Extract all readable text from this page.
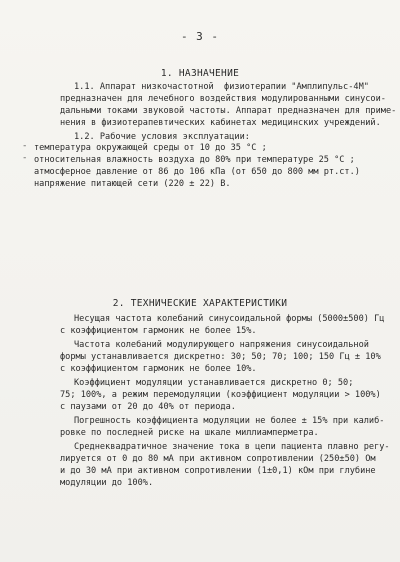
- 3 -
1. НАЗНАЧЕНИЕ
1.1. Аппарат низкочастотной  физиотерапии "Амплипульс-4М"
предназначен для лечебного воздействия модулированными синусои-
дальными токами звуковой частоты. Аппарат предназначен для приме-
нения в физиотерапевтических кабинетах медицинских учреждений.
1.2. Рабочие условия эксплуатации:
- температура окружающей среды от 10 до 35 °С ;
- относительная влажность воздуха до 80% при температуре 25 °С ;
атмосферное давление от 86 до 106 кПа (от 650 до 800 мм рт.ст.)
напряжение питающей сети (220 ± 22) В.
2. ТЕХНИЧЕСКИЕ ХАРАКТЕРИСТИКИ
Несущая частота колебаний синусоидальной формы (5000±500) Гц
с коэффициентом гармоник не более 15%.
Частота колебаний модулирующего напряжения синусоидальной
формы устанавливается дискретно: 30; 50; 70; 100; 150 Гц ± 10%
с коэффициентом гармоник не более 10%.
Коэффициент модуляции устанавливается дискретно 0; 50;
75; 100%, а режим перемодуляции (коэффициент модуляции > 100%)
с паузами от 20 до 40% от периода.
Погрешность коэффициента модуляции не более ± 15% при калиб-
ровке по последней риске на шкале миллиамперметра.
Среднеквадратичное значение тока в цепи пациента плавно регу-
лируется от 0 до 80 мА при активном сопротивлении (250±50) Ом
и до 30 мА при активном сопротивлении (1±0,1) кОм при глубине
модуляции до 100%.
